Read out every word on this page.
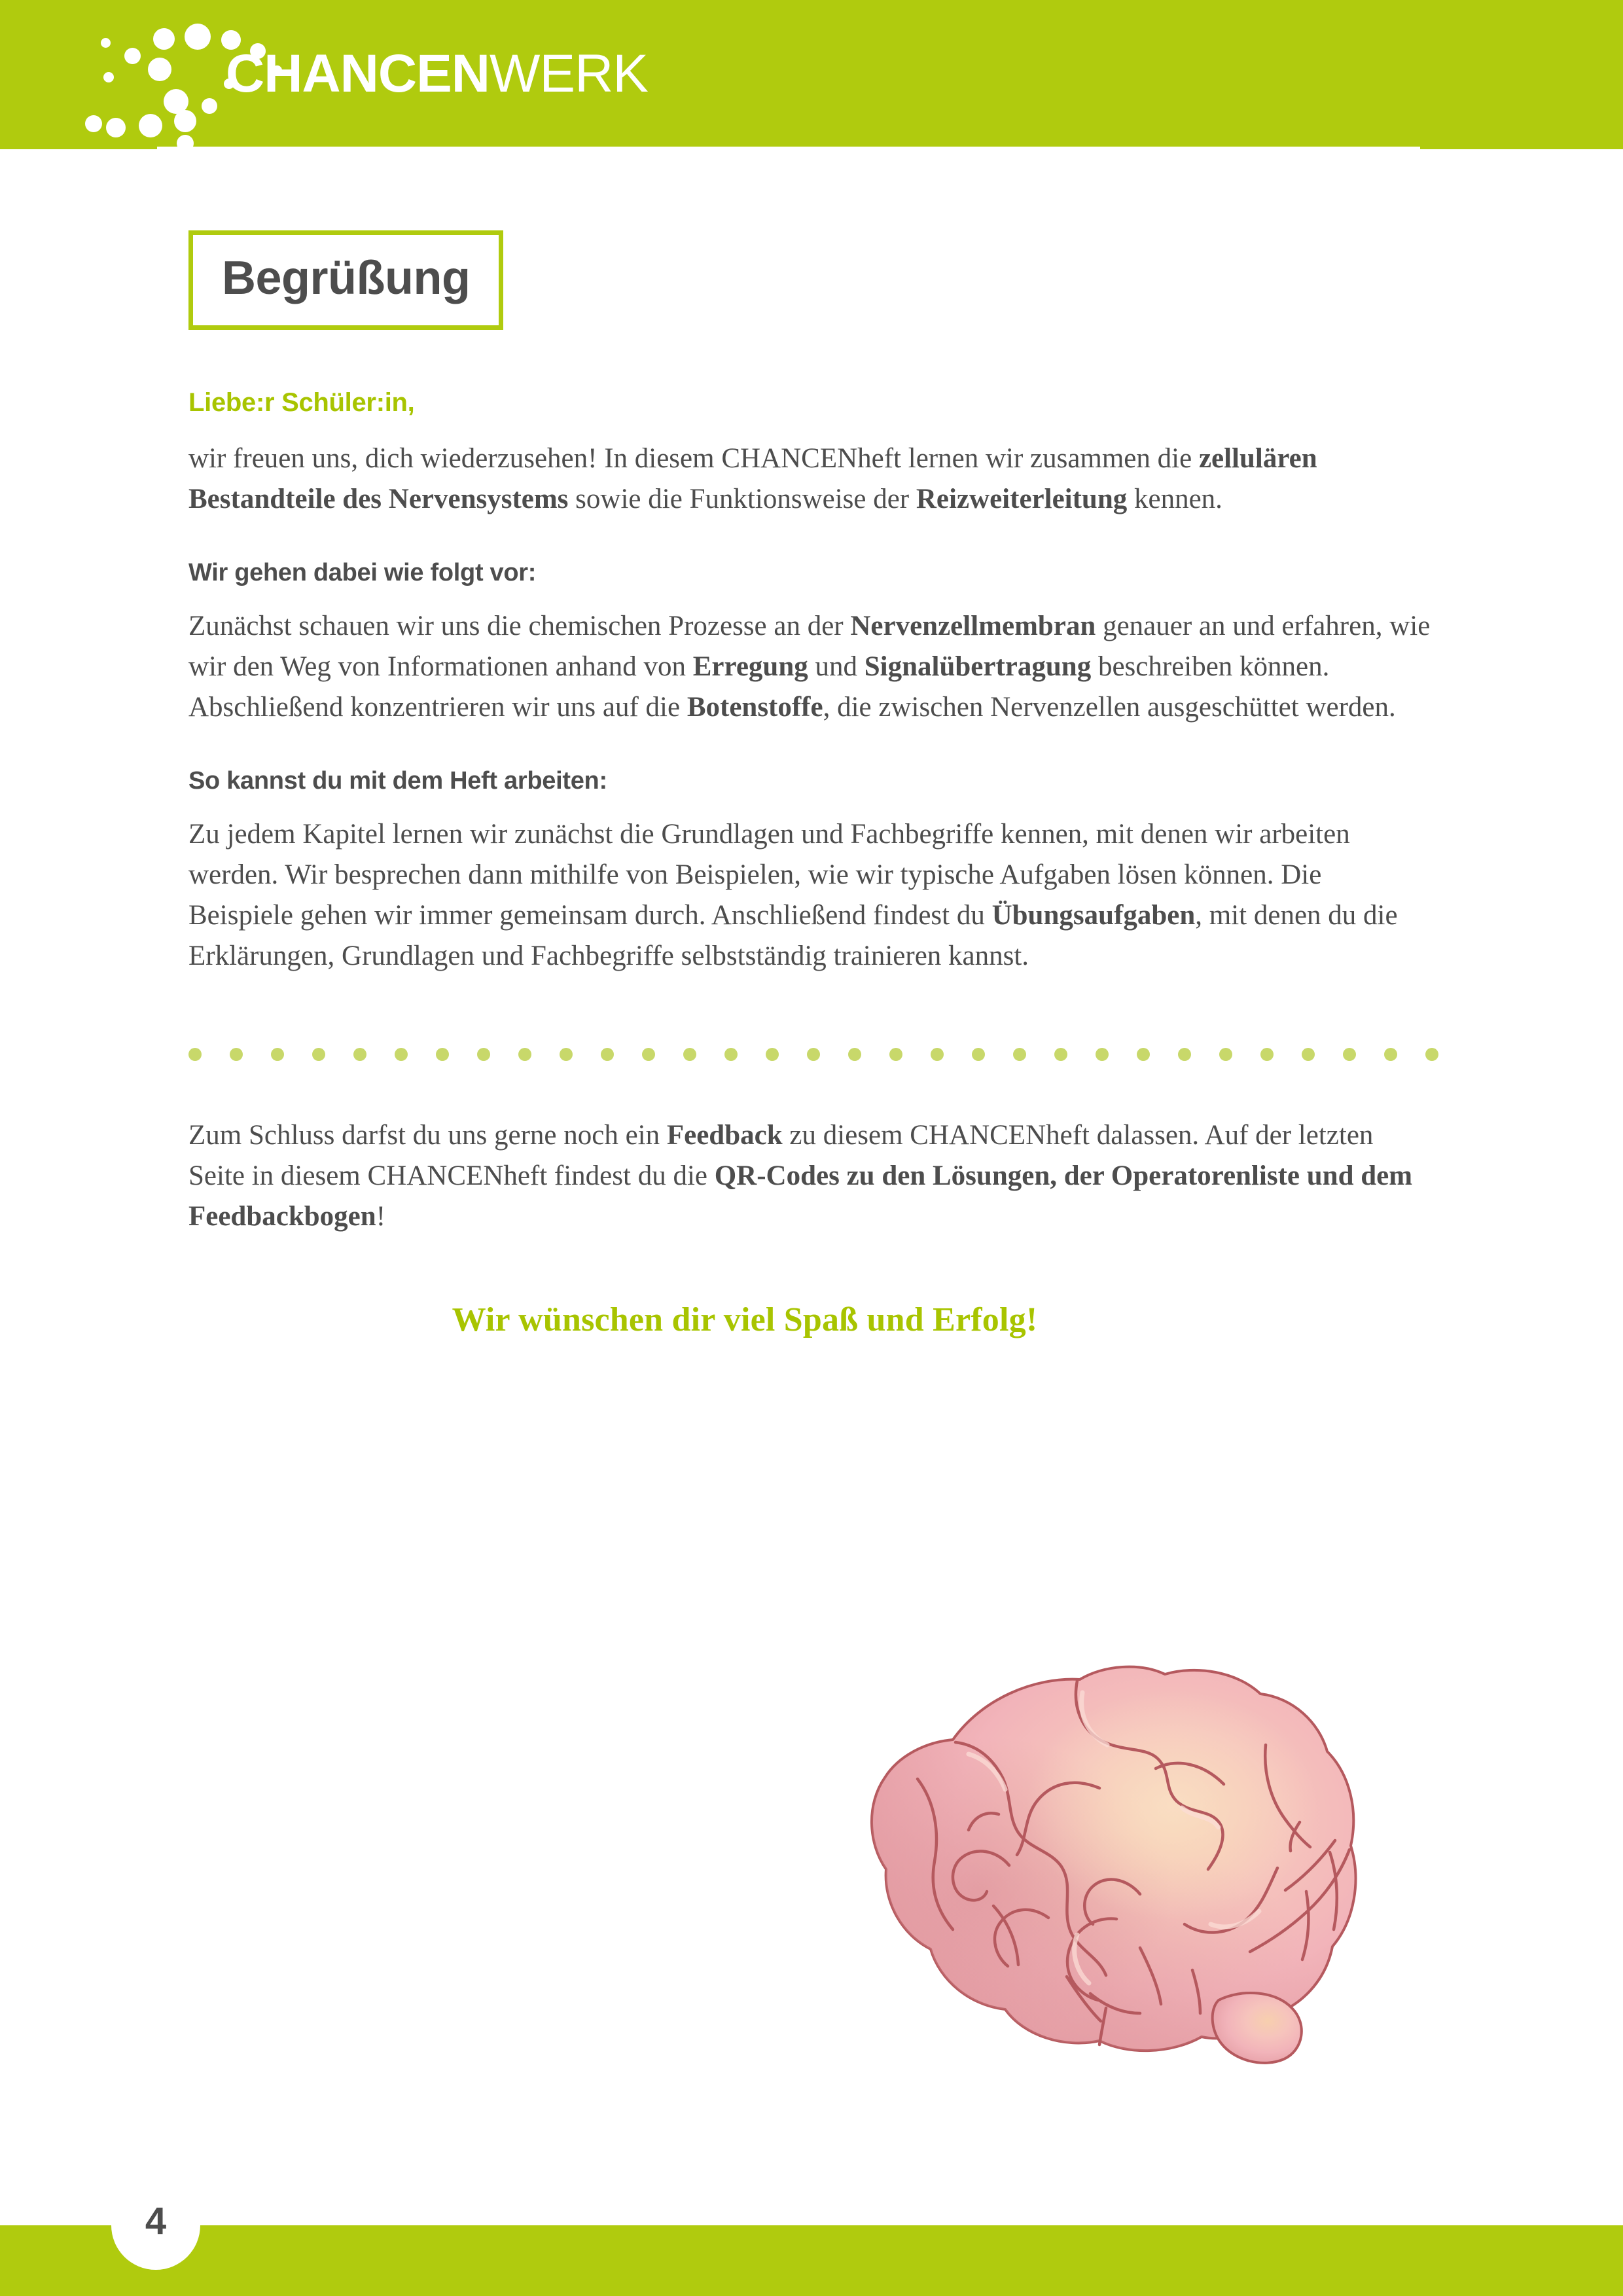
CHANCEN WERK
Begrüßung
Liebe:r Schüler:in,

wir freuen uns, dich wiederzusehen! In diesem CHANCENheft lernen wir zusammen die zellulären Bestandteile des Nervensystems sowie die Funktionsweise der Reizweiterleitung kennen.

Wir gehen dabei wie folgt vor:

Zunächst schauen wir uns die chemischen Prozesse an der Nervenzellmembran genauer an und erfahren, wie wir den Weg von Informationen anhand von Erregung und Signalübertragung beschreiben können. Abschließend konzentrieren wir uns auf die Botenstoffe, die zwischen Nervenzellen ausgeschüttet werden.

So kannst du mit dem Heft arbeiten:

Zu jedem Kapitel lernen wir zunächst die Grundlagen und Fachbegriffe kennen, mit denen wir arbeiten werden. Wir besprechen dann mithilfe von Beispielen, wie wir typische Aufgaben lösen können. Die Beispiele gehen wir immer gemeinsam durch. Anschließend findest du Übungsaufgaben, mit denen du die Erklärungen, Grundlagen und Fachbegriffe selbstständig trainieren kannst.

Zum Schluss darfst du uns gerne noch ein Feedback zu diesem CHANCENheft dalassen. Auf der letzten Seite in diesem CHANCENheft findest du die QR-Codes zu den Lösungen, der Operatorenliste und dem Feedbackbogen!

Wir wünschen dir viel Spaß und Erfolg!
4
